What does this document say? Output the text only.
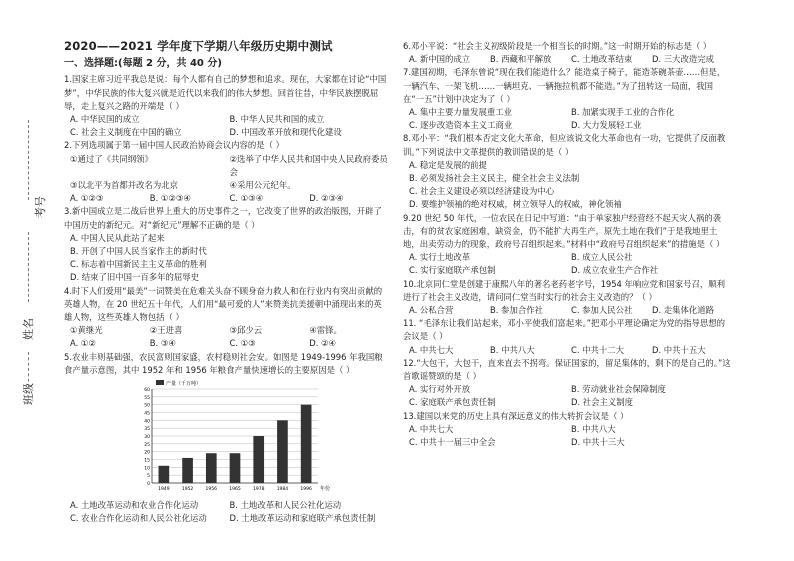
班级
姓名
考号
2020——2021 学年度下学期八年级历史期中测试
一、选择题:(每题 2 分，共 40 分)
1.国家主席习近平我总是说：每个人都有自己的梦想和追求。现在，大家都在讨论“中国梦”，中华民族的伟大复兴就是近代以来我们的伟大梦想。回首往昔，中华民族摆脱屈辱，走上复兴之路的开端是（ ）
A. 中华民国的成立	B. 中华人民共和国的成立
C. 社会主义制度在中国的确立	D. 中国改革开放和现代化建设
2.下列选项属于第一届中国人民政治协商会议内容的是（ ）
①通过了《共同纲领》	②选举了中华人民共和国中央人民政府委员会
③以北平为首都并改名为北京	④采用公元纪年。
A. ①②③	B. ①②③④	C. ①③④	D. ②③④
3.新中国成立是二战后世界上重大的历史事件之一，它改变了世界的政治版图，开辟了中国历史的新纪元。对“新纪元”理解不正确的是（ ）
A. 中国人民从此站了起来
B. 开创了中国人民当家作主的新时代
C. 标志着中国新民主主义革命的胜利
D. 结束了旧中国一百多年的屈辱史
4.时下人们爱用“最美”一词赞美在危难关头奋不顾身奋力救人和在行业内有突出贡献的英雄人物，在 20 世纪五十年代，人们用“最可爱的人”来赞美抗美援朝中涌现出来的英雄人物，这些英雄人物包括（ ）
①黄继光	②王进喜	③邱少云	④雷锋。
A. ①②	B. ③④	C. ①③	D. ②④
5.农业丰则基础强，农民富则国家盛，农村稳则社会安。如图是 1949-1996 年我国粮食产量示意图，其中 1952 年和 1956 年粮食产量快速增长的主要原因是（ ）
0
5
10
15
20
25
30
35
40
45
50
55
60
产量（千万吨）
1949	1952	1956	1965	1978	1984	1996 年份
A. 土地改革运动和农业合作化运动	B. 土地改革和人民公社化运动
C. 农业合作化运动和人民公社化运动	D. 土地改革运动和家庭联产承包责任制
6.邓小平说：“社会主义初级阶段是一个相当长的时期。”这一时期开始的标志是（ ）
A. 新中国的成立	B. 西藏和平解放	C. 土地改革结束	D. 三大改造完成
7.建国初期，毛泽东曾说“现在我们能造什么？能造桌子椅子，能造茶碗茶壶……但是，一辆汽车、一架飞机……一辆坦克、一辆拖拉机都不能造。”为了扭转这一局面，我国在“一五”计划中决定为了（ ）
A. 集中主要力量发展重工业	B. 加紧实现手工业的合作化
C. 逐步改造资本主义工商业	D. 大力发展轻工业
8.邓小平：“我们根本否定文化大革命，但应该说文化大革命也有一功，它提供了反面教训。”下列说法中文革提供的教训错误的是（ ）
A. 稳定是发展的前提
B. 必须发扬社会主义民主，健全社会主义法制
C. 社会主义建设必须以经济建设为中心
D. 要维护领袖的绝对权威，树立领导人的权威，神化领袖
9.20 世纪 50 年代，一位农民在日记中写道：“由于单家独户经营经不起天灾人祸的袭击，有的贫农家庭困难，缺资金，仍不能扩大再生产，原先土地在我们”于是我地里土地，出卖劳动力的现象，政府号召组织起来。”材料中“政府号召组织起来”的措施是（ ）
A. 实行土地改革	B. 成立人民公社
C. 实行家庭联产承包制	D. 成立农业生产合作社
10.北京同仁堂是创建于康熙八年的著名老药老字号，1954 年响应党和国家号召，顺利进行了社会主义改造，请问同仁堂当时实行的社会主义改造的？（ ）
A. 公私合营	B. 参加合作社	C. 参加人民公社	D. 走集体化道路
11. “毛泽东让我们站起来，邓小平使我们富起来。”把邓小平理论确定为党的指导思想的会议是（ ）
A. 中共七大	B. 中共八大	C. 中共十二大	D. 中共十五大
12.“大包干，大包干，直来直去不拐弯。保证国家的，留足集体的，剩下的是自己的。”这首歌谣赞颂的是（ ）
A. 实行对外开放	B. 劳动就业社会保障制度
C. 家庭联产承包责任制	D. 社会主义制度
13.建国以来党的历史上具有深远意义的伟大转折会议是（ ）
A. 中共七大	B. 中共八大
C. 中共十一届三中全会	D. 中共十三大
